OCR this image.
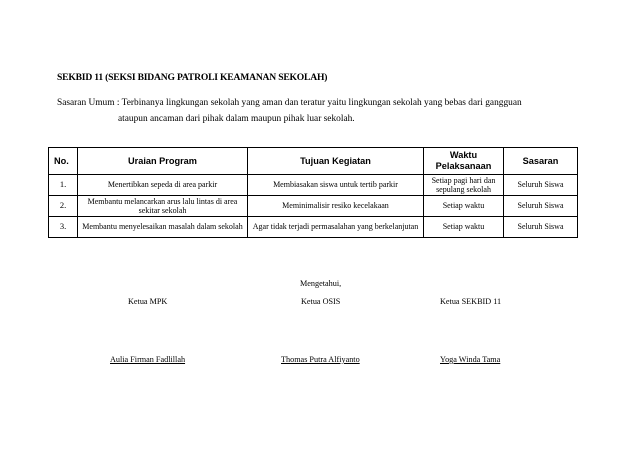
SEKBID 11 (SEKSI BIDANG PATROLI KEAMANAN SEKOLAH)
Sasaran Umum : Terbinanya lingkungan sekolah yang aman dan teratur yaitu lingkungan sekolah yang bebas dari gangguan
ataupun ancaman dari pihak dalam maupun pihak luar sekolah.
No.	Uraian Program	Tujuan Kegiatan	Waktu Pelaksanaan	Sasaran
1.	Menertibkan sepeda di area parkir	Membiasakan siswa untuk tertib parkir	Setiap pagi hari dan sepulang sekolah	Seluruh Siswa
2.	Membantu melancarkan arus lalu lintas di area sekitar sekolah	Meminimalisir resiko kecelakaan	Setiap waktu	Seluruh Siswa
3.	Membantu menyelesaikan masalah dalam sekolah	Agar tidak terjadi permasalahan yang berkelanjutan	Setiap waktu	Seluruh Siswa
Mengetahui,
Ketua MPK	Ketua OSIS	Ketua SEKBID 11
Aulia Firman Fadlillah	Thomas Putra Alfiyanto	Yoga Winda Tama
